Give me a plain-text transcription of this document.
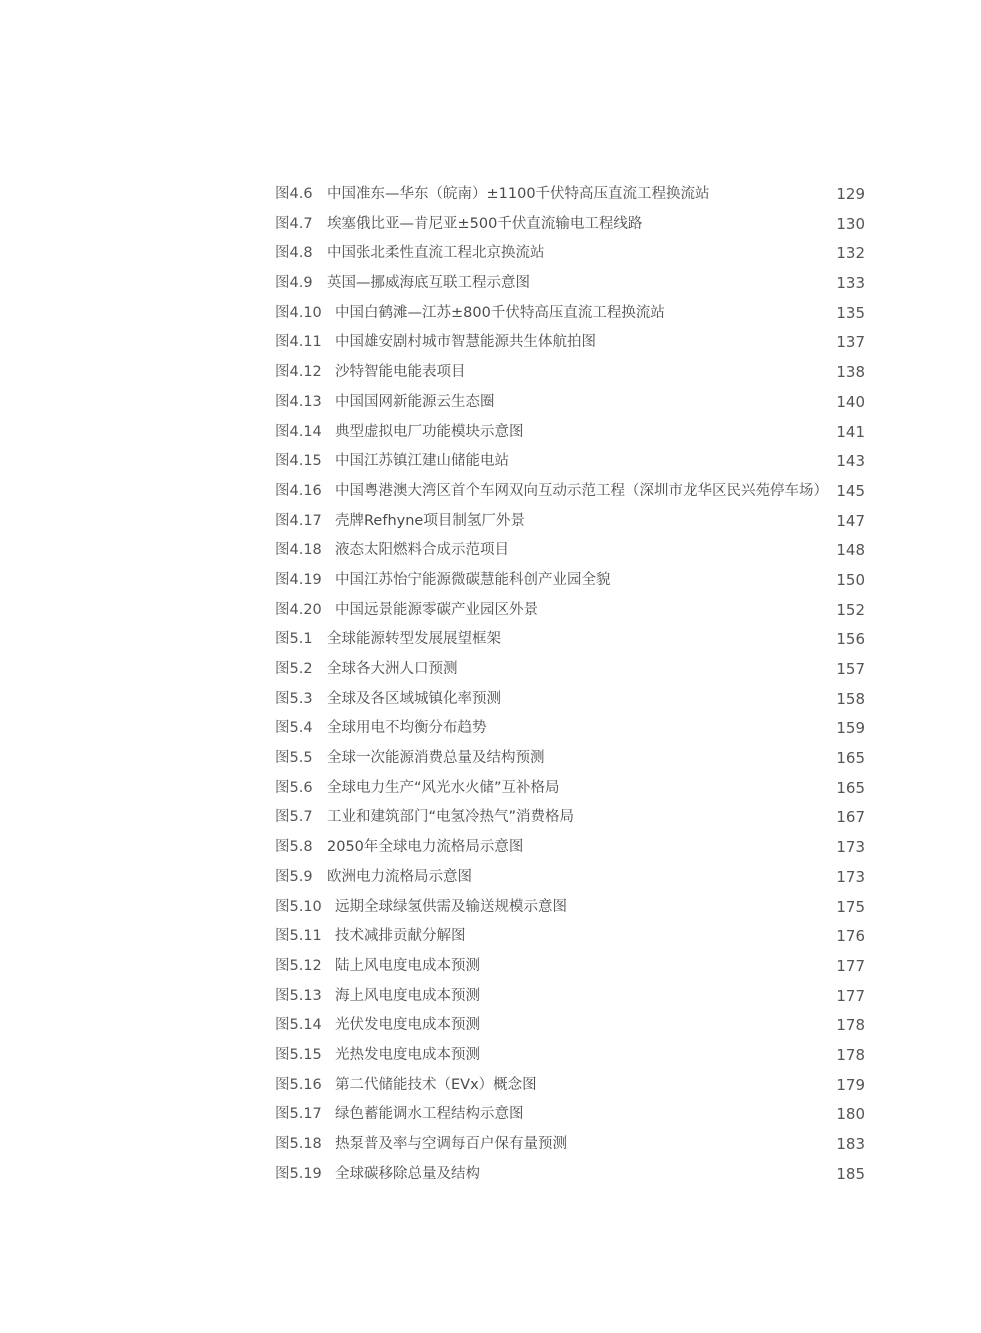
图4.6 中国准东—华东（皖南）±1100千伏特高压直流工程换流站	129
图4.7 埃塞俄比亚—肯尼亚±500千伏直流输电工程线路	130
图4.8 中国张北柔性直流工程北京换流站	132
图4.9 英国—挪威海底互联工程示意图	133
图4.10 中国白鹤滩—江苏±800千伏特高压直流工程换流站	135
图4.11 中国雄安剧村城市智慧能源共生体航拍图	137
图4.12 沙特智能电能表项目	138
图4.13 中国国网新能源云生态圈	140
图4.14 典型虚拟电厂功能模块示意图	141
图4.15 中国江苏镇江建山储能电站	143
图4.16 中国粤港澳大湾区首个车网双向互动示范工程（深圳市龙华区民兴苑停车场） 145
图4.17 壳牌Refhyne项目制氢厂外景	147
图4.18 液态太阳燃料合成示范项目	148
图4.19 中国江苏怡宁能源微碳慧能科创产业园全貌	150
图4.20 中国远景能源零碳产业园区外景	152
图5.1 全球能源转型发展展望框架	156
图5.2 全球各大洲人口预测	157
图5.3 全球及各区域城镇化率预测	158
图5.4 全球用电不均衡分布趋势	159
图5.5 全球一次能源消费总量及结构预测	165
图5.6 全球电力生产“风光水火储”互补格局	165
图5.7 工业和建筑部门“电氢冷热气”消费格局	167
图5.8 2050年全球电力流格局示意图	173
图5.9 欧洲电力流格局示意图	173
图5.10 远期全球绿氢供需及输送规模示意图	175
图5.11 技术减排贡献分解图	176
图5.12 陆上风电度电成本预测	177
图5.13 海上风电度电成本预测	177
图5.14 光伏发电度电成本预测	178
图5.15 光热发电度电成本预测	178
图5.16 第二代储能技术（EVx）概念图	179
图5.17 绿色蓄能调水工程结构示意图	180
图5.18 热泵普及率与空调每百户保有量预测	183
图5.19 全球碳移除总量及结构	185
